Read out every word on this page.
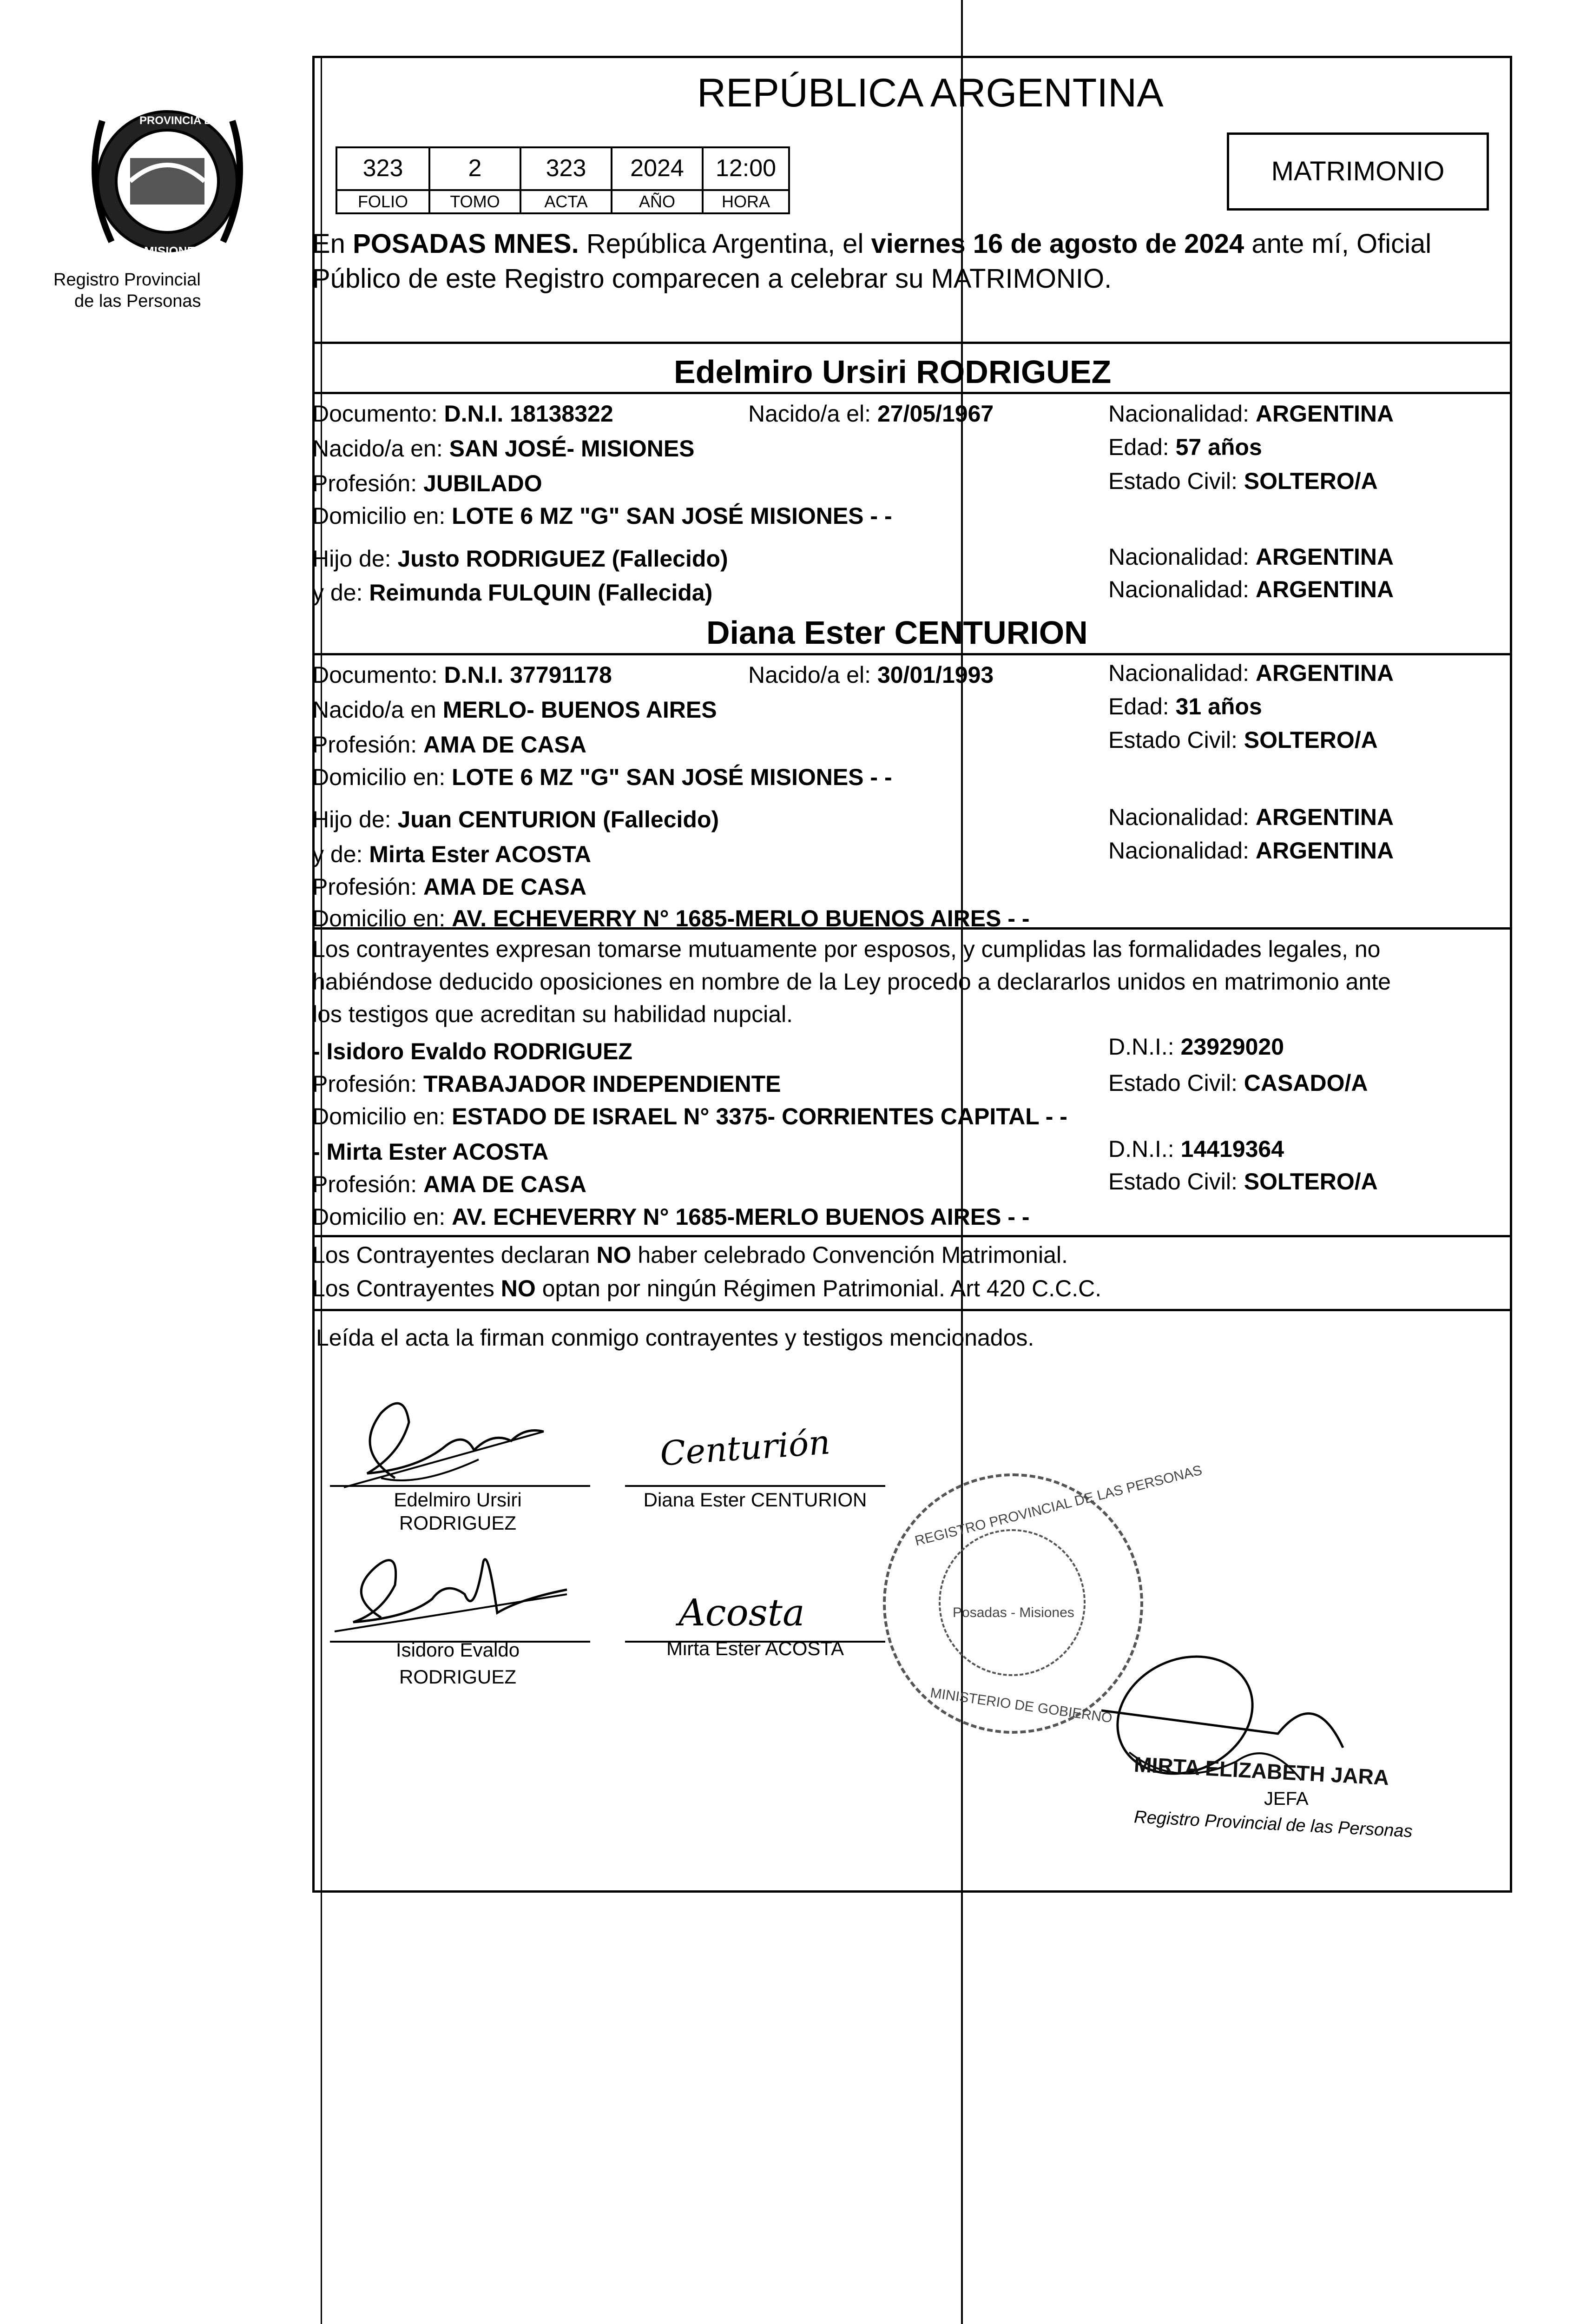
PROVINCIA DE
MISIONES
Registro Provincial
de las Personas
REPÚBLICA ARGENTINA
323	2	323	2024	12:00
FOLIO	TOMO	ACTA	AÑO	HORA
MATRIMONIO
En POSADAS MNES. República Argentina, el viernes 16 de agosto de 2024 ante mí, Oficial
Público de este Registro comparecen a celebrar su MATRIMONIO.
Edelmiro Ursiri RODRIGUEZ
Documento: D.N.I. 18138322	Nacido/a el: 27/05/1967	Nacionalidad: ARGENTINA
Nacido/a en: SAN JOSÉ- MISIONES	Edad: 57 años
Profesión: JUBILADO	Estado Civil: SOLTERO/A
Domicilio en: LOTE 6 MZ "G" SAN JOSÉ MISIONES - -
Hijo de: Justo RODRIGUEZ (Fallecido)	Nacionalidad: ARGENTINA
y de: Reimunda FULQUIN (Fallecida)	Nacionalidad: ARGENTINA
Diana Ester CENTURION
Documento: D.N.I. 37791178	Nacido/a el: 30/01/1993	Nacionalidad: ARGENTINA
Nacido/a en MERLO- BUENOS AIRES	Edad: 31 años
Profesión: AMA DE CASA	Estado Civil: SOLTERO/A
Domicilio en: LOTE 6 MZ "G" SAN JOSÉ MISIONES - -
Hijo de: Juan CENTURION (Fallecido)	Nacionalidad: ARGENTINA
y de: Mirta Ester ACOSTA	Nacionalidad: ARGENTINA
Profesión: AMA DE CASA
Domicilio en: AV. ECHEVERRY N° 1685-MERLO BUENOS AIRES - -
Los contrayentes expresan tomarse mutuamente por esposos, y cumplidas las formalidades legales, no
habiéndose deducido oposiciones en nombre de la Ley procedo a declararlos unidos en matrimonio ante
los testigos que acreditan su habilidad nupcial.
- Isidoro Evaldo RODRIGUEZ	D.N.I.: 23929020
Profesión: TRABAJADOR INDEPENDIENTE	Estado Civil: CASADO/A
Domicilio en: ESTADO DE ISRAEL N° 3375- CORRIENTES CAPITAL - -
- Mirta Ester ACOSTA	D.N.I.: 14419364
Profesión: AMA DE CASA	Estado Civil: SOLTERO/A
Domicilio en: AV. ECHEVERRY N° 1685-MERLO BUENOS AIRES - -
Los Contrayentes declaran NO haber celebrado Convención Matrimonial.
Los Contrayentes NO optan por ningún Régimen Patrimonial. Art 420 C.C.C.
Leída el acta la firman conmigo contrayentes y testigos mencionados.
Edelmiro Ursiri
RODRIGUEZ
Centurión
Diana Ester CENTURION
Isidoro Evaldo
RODRIGUEZ
Acosta
Mirta Ester ACOSTA
REGISTRO PROVINCIAL DE LAS PERSONAS
Posadas - Misiones
MINISTERIO DE GOBIERNO
MIRTA ELIZABETH JARA
JEFA
Registro Provincial de las Personas
